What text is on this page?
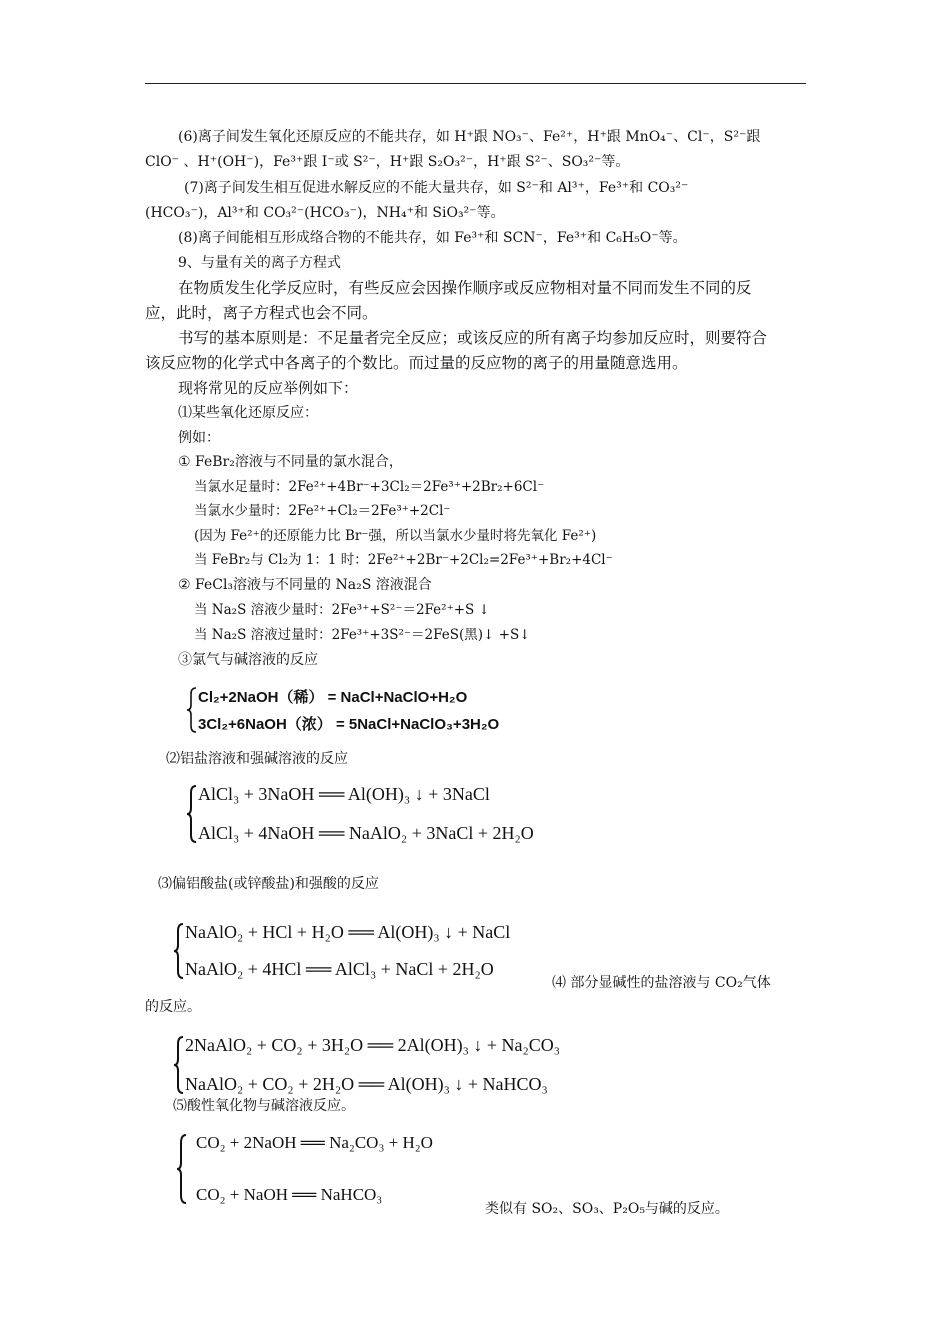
(6)离子间发生氧化还原反应的不能共存，如 H⁺跟 NO₃⁻、Fe²⁺，H⁺跟 MnO₄⁻、Cl⁻，S²⁻跟
ClO⁻ 、H⁺(OH⁻)，Fe³⁺跟 I⁻或 S²⁻，H⁺跟 S₂O₃²⁻，H⁺跟 S²⁻、SO₃²⁻等。
(7)离子间发生相互促进水解反应的不能大量共存，如 S²⁻和 Al³⁺，Fe³⁺和 CO₃²⁻
(HCO₃⁻)，Al³⁺和 CO₃²⁻(HCO₃⁻)，NH₄⁺和 SiO₃²⁻等。
(8)离子间能相互形成络合物的不能共存，如 Fe³⁺和 SCN⁻，Fe³⁺和 C₆H₅O⁻等。
9、与量有关的离子方程式
在物质发生化学反应时，有些反应会因操作顺序或反应物相对量不同而发生不同的反
应，此时，离子方程式也会不同。
书写的基本原则是：不足量者完全反应；或该反应的所有离子均参加反应时，则要符合
该反应物的化学式中各离子的个数比。而过量的反应物的离子的用量随意选用。
现将常见的反应举例如下：
⑴某些氧化还原反应：
例如：
① FeBr₂溶液与不同量的氯水混合，
当氯水足量时：2Fe²⁺+4Br⁻+3Cl₂＝2Fe³⁺+2Br₂+6Cl⁻
当氯水少量时：2Fe²⁺+Cl₂＝2Fe³⁺+2Cl⁻
(因为 Fe²⁺的还原能力比 Br⁻强，所以当氯水少量时将先氧化 Fe²⁺)
当 FeBr₂与 Cl₂为 1：1 时：2Fe²⁺+2Br⁻+2Cl₂=2Fe³⁺+Br₂+4Cl⁻
② FeCl₃溶液与不同量的 Na₂S 溶液混合
当 Na₂S 溶液少量时：2Fe³⁺+S²⁻＝2Fe²⁺+S ↓
当 Na₂S 溶液过量时：2Fe³⁺+3S²⁻＝2FeS(黑)↓ +S↓
③氯气与碱溶液的反应
Cl₂+2NaOH（稀） = NaCl+NaClO+H₂O
3Cl₂+6NaOH（浓） = 5NaCl+NaClO₃+3H₂O
⑵铝盐溶液和强碱溶液的反应
AlCl₃ + 3NaOH ══ Al(OH)₃ ↓ + 3NaCl
AlCl₃ + 4NaOH ══ NaAlO₂ + 3NaCl + 2H₂O
⑶偏铝酸盐(或锌酸盐)和强酸的反应
NaAlO₂ + HCl + H₂O ══ Al(OH)₃ ↓ + NaCl
NaAlO₂ + 4HCl ══ AlCl₃ + NaCl + 2H₂O
⑷ 部分显碱性的盐溶液与 CO₂气体
的反应。
2NaAlO₂ + CO₂ + 3H₂O ══ 2Al(OH)₃ ↓ + Na₂CO₃
NaAlO₂ + CO₂ + 2H₂O ══ Al(OH)₃ ↓ + NaHCO₃
⑸酸性氧化物与碱溶液反应。
CO₂ + 2NaOH ══ Na₂CO₃ + H₂O
CO₂ + NaOH ══ NaHCO₃
类似有 SO₂、SO₃、P₂O₅与碱的反应。
